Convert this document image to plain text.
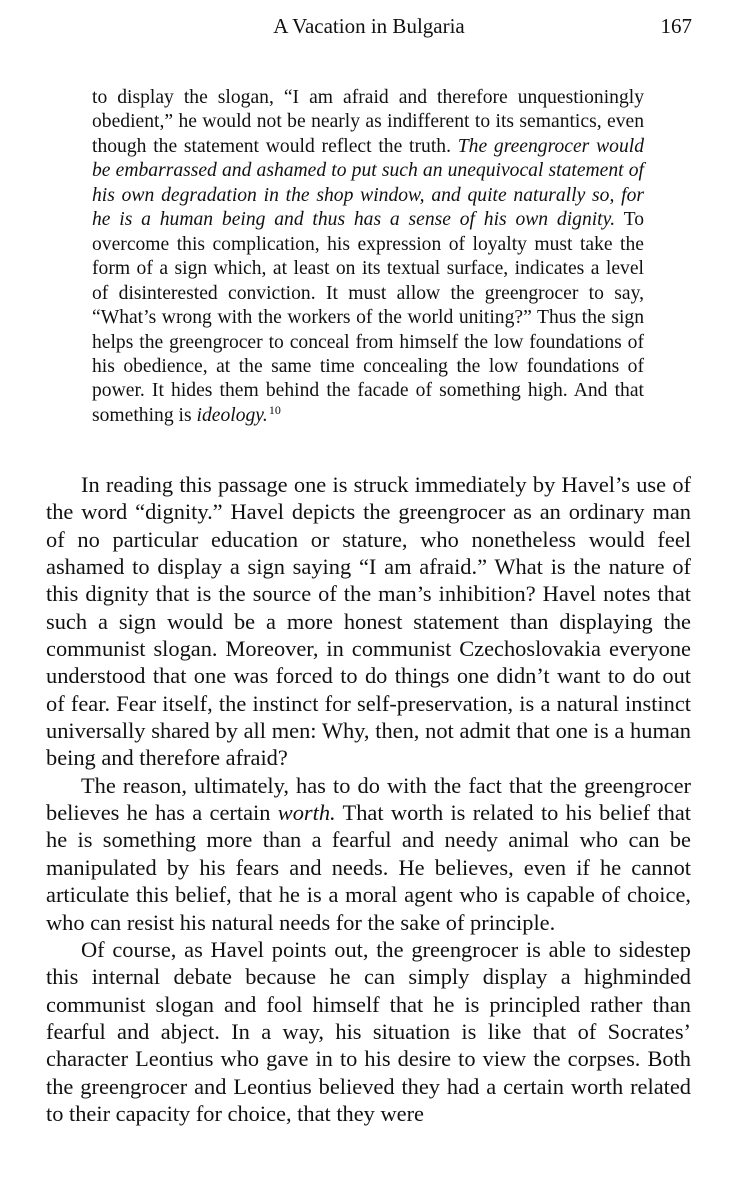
A Vacation in Bulgaria	167

to display the slogan, “I am afraid and therefore unquestioningly obedient,” he would not be nearly as indifferent to its semantics, even though the statement would reflect the truth. The greengrocer would be embarrassed and ashamed to put such an unequivocal statement of his own degradation in the shop window, and quite naturally so, for he is a human being and thus has a sense of his own dignity. To overcome this complication, his expression of loyalty must take the form of a sign which, at least on its textual surface, indicates a level of disinterested conviction. It must allow the greengrocer to say, “What’s wrong with the workers of the world uniting?” Thus the sign helps the greengrocer to conceal from himself the low foundations of his obedience, at the same time concealing the low foundations of power. It hides them behind the facade of something high. And that something is ideology.$^{10}$

In reading this passage one is struck immediately by Havel’s use of the word “dignity.” Havel depicts the greengrocer as an ordinary man of no particular education or stature, who nonetheless would feel ashamed to display a sign saying “I am afraid.” What is the nature of this dignity that is the source of the man’s inhibition? Havel notes that such a sign would be a more honest statement than displaying the communist slogan. Moreover, in communist Czechoslovakia everyone understood that one was forced to do things one didn’t want to do out of fear. Fear itself, the instinct for self-preservation, is a natural instinct universally shared by all men: Why, then, not admit that one is a human being and therefore afraid?

The reason, ultimately, has to do with the fact that the greengrocer believes he has a certain worth. That worth is related to his belief that he is something more than a fearful and needy animal who can be manipulated by his fears and needs. He believes, even if he cannot articulate this belief, that he is a moral agent who is capable of choice, who can resist his natural needs for the sake of principle.

Of course, as Havel points out, the greengrocer is able to sidestep this internal debate because he can simply display a highminded communist slogan and fool himself that he is principled rather than fearful and abject. In a way, his situation is like that of Socrates’ character Leontius who gave in to his desire to view the corpses. Both the greengrocer and Leontius believed they had a certain worth related to their capacity for choice, that they were
